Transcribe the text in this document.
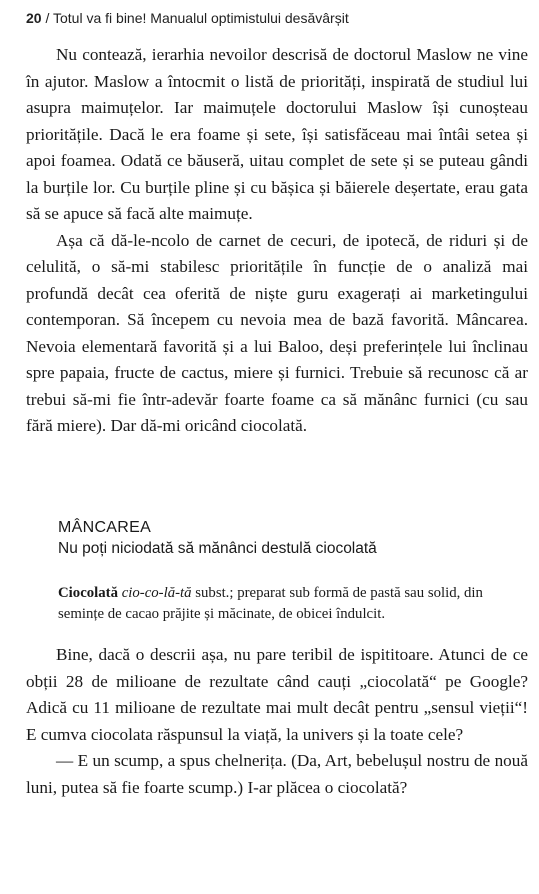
20 / Totul va fi bine! Manualul optimistului desăvârșit

Nu contează, ierarhia nevoilor descrisă de doctorul Maslow ne vine în ajutor. Maslow a întocmit o listă de priorități, inspirată de studiul lui asupra maimuțelor. Iar maimuțele doctorului Maslow își cunoșteau prioritățile. Dacă le era foame și sete, își satisfăceau mai întâi setea și apoi foamea. Odată ce băuseră, uitau complet de sete și se puteau gândi la burțile lor. Cu burțile pline și cu bășica și băierele deșertate, erau gata să se apuce să facă alte maimuțe.

Așa că dă-le-ncolo de carnet de cecuri, de ipotecă, de riduri și de celulită, o să-mi stabilesc prioritățile în funcție de o analiză mai profundă decât cea oferită de niște guru exagerați ai marketingului contemporan. Să începem cu nevoia mea de bază favorită. Mâncarea. Nevoia elementară favorită și a lui Baloo, deși preferințele lui înclinau spre papaia, fructe de cactus, miere și furnici. Trebuie să recunosc că ar trebui să-mi fie într-adevăr foarte foame ca să mănânc furnici (cu sau fără miere). Dar dă-mi oricând ciocolată.

MÂNCAREA
Nu poți niciodată să mănânci destulă ciocolată
Ciocolată cio-co-lă-tă subst.; preparat sub formă de pastă sau solid, din semințe de cacao prăjite și măcinate, de obicei îndulcit.

Bine, dacă o descrii așa, nu pare teribil de ispititoare. Atunci de ce obții 28 de milioane de rezultate când cauți „ciocolată“ pe Google? Adică cu 11 milioane de rezultate mai mult decât pentru „sensul vieții“! E cumva ciocolata răspunsul la viață, la univers și la toate cele?

— E un scump, a spus chelnerița. (Da, Art, bebelușul nostru de nouă luni, putea să fie foarte scump.) I-ar plăcea o ciocolată?
